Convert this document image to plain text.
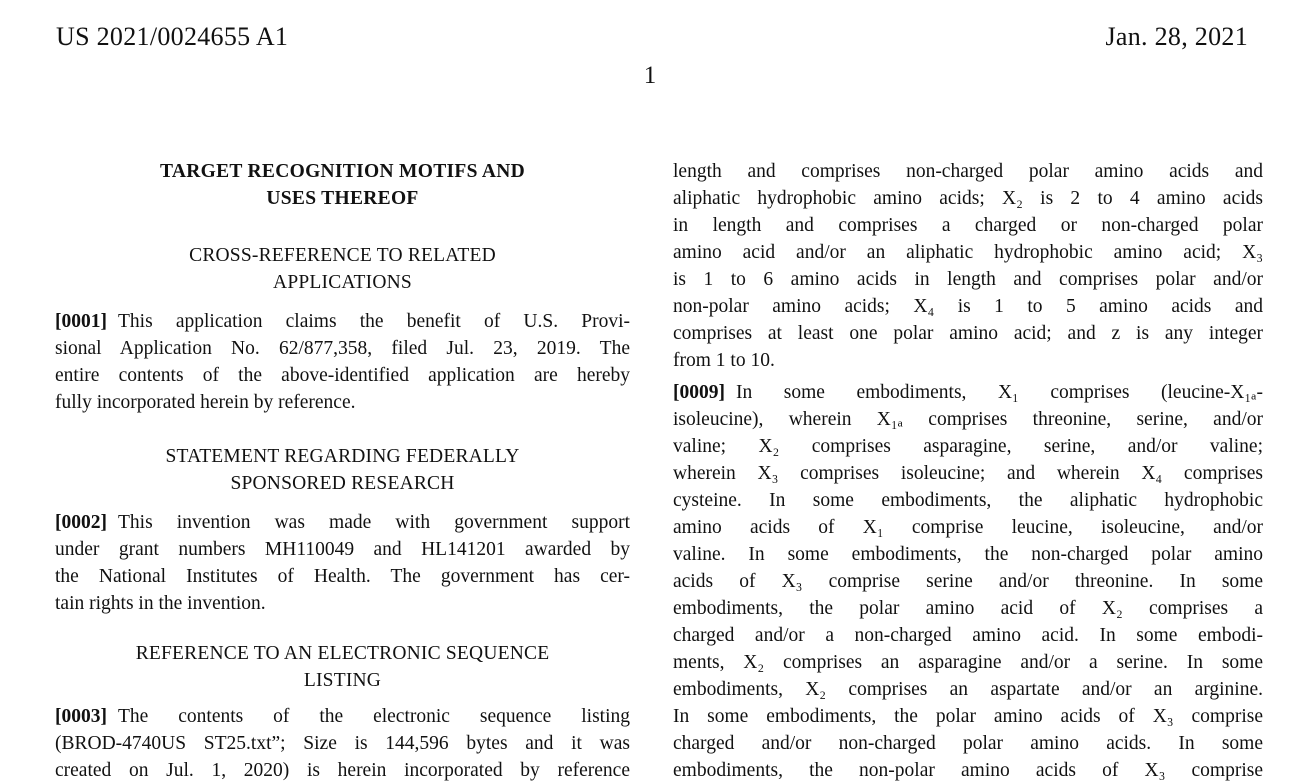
US 2021/0024655 A1	Jan. 28, 2021
1
TARGET RECOGNITION MOTIFS AND
USES THEREOF
CROSS-REFERENCE TO RELATED
APPLICATIONS
[0001] This application claims the benefit of U.S. Provi-
sional Application No. 62/877,358, filed Jul. 23, 2019. The
entire contents of the above-identified application are hereby
fully incorporated herein by reference.
STATEMENT REGARDING FEDERALLY
SPONSORED RESEARCH
[0002] This invention was made with government support
under grant numbers MH110049 and HL141201 awarded by
the National Institutes of Health. The government has cer-
tain rights in the invention.
REFERENCE TO AN ELECTRONIC SEQUENCE
LISTING
[0003] The contents of the electronic sequence listing
(BROD-4740US ST25.txt”; Size is 144,596 bytes and it was
created on Jul. 1, 2020) is herein incorporated by reference
length and comprises non-charged polar amino acids and
aliphatic hydrophobic amino acids; X₂ is 2 to 4 amino acids
in length and comprises a charged or non-charged polar
amino acid and/or an aliphatic hydrophobic amino acid; X₃
is 1 to 6 amino acids in length and comprises polar and/or
non-polar amino acids; X₄ is 1 to 5 amino acids and
comprises at least one polar amino acid; and z is any integer
from 1 to 10.
[0009] In some embodiments, X₁ comprises (leucine-X₁ₐ-
isoleucine), wherein X₁ₐ comprises threonine, serine, and/or
valine; X₂ comprises asparagine, serine, and/or valine;
wherein X₃ comprises isoleucine; and wherein X₄ comprises
cysteine. In some embodiments, the aliphatic hydrophobic
amino acids of X₁ comprise leucine, isoleucine, and/or
valine. In some embodiments, the non-charged polar amino
acids of X₃ comprise serine and/or threonine. In some
embodiments, the polar amino acid of X₂ comprises a
charged and/or a non-charged amino acid. In some embodi-
ments, X₂ comprises an asparagine and/or a serine. In some
embodiments, X₂ comprises an aspartate and/or an arginine.
In some embodiments, the polar amino acids of X₃ comprise
charged and/or non-charged polar amino acids. In some
embodiments, the non-polar amino acids of X₃ comprise
